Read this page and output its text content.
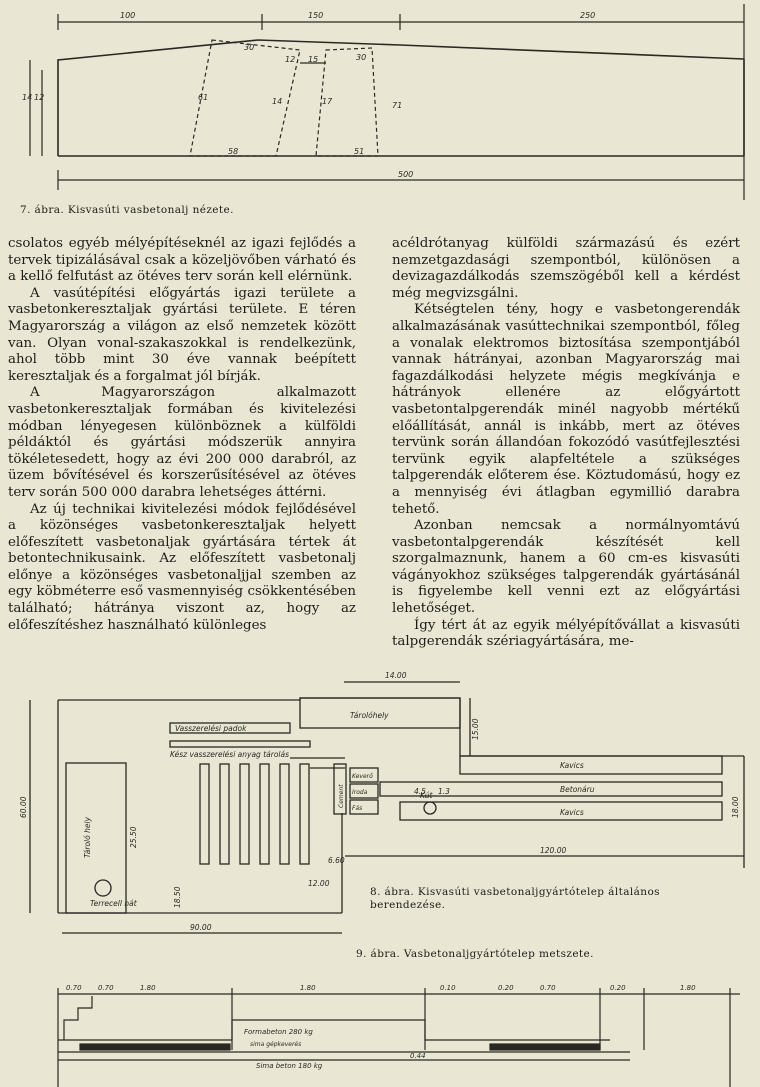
100	150	250
500
14 12
30
30
58	51
12 15
61
71
14	17
7. ábra. Kisvasúti vasbetonalj nézete.

csolatos egyéb mélyépítéseknél az igazi fejlődés a tervek tipizálásával csak a közeljövőben várható és a kellő felfutást az ötéves terv során kell elérnünk.

A vasútépítési előgyártás igazi területe a vasbetonkeresztaljak gyártási területe. E téren Magyarország a világon az első nemzetek között van. Olyan vonal-szakaszokkal is rendelkezünk, ahol több mint 30 éve vannak beépített keresztaljak és a forgalmat jól bírják.

A Magyarországon alkalmazott vasbetonkeresztaljak formában és kivitelezési módban lényegesen különböznek a külföldi példáktól és gyártási módszerük annyira tökéletesedett, hogy az évi 200 000 darabról, az üzem bővítésével és korszerűsítésével az ötéves terv során 500 000 darabra lehetséges áttérni.

Az új technikai kivitelezési módok fejlődésével a közönséges vasbetonkeresztaljak helyett előfeszített vasbetonaljak gyártására tértek át betontechnikusaink. Az előfeszített vasbetonalj előnye a közönséges vasbetonaljjal szemben az egy köbméterre eső vasmennyiség csökkentésében található; hátránya viszont az, hogy az előfeszítéshez használható különleges

acéldrótanyag külföldi származású és ezért nemzetgazdasági szempontból, különösen a devizagazdálkodás szemszögéből kell a kérdést még megvizsgálni.

Kétségtelen tény, hogy e vasbetongerendák alkalmazásának vasúttechnikai szempontból, főleg a vonalak elektromos biztosítása szempontjából vannak hátrányai, azonban Magyarország mai fagazdálkodási helyzete mégis megkívánja e hátrányok ellenére az előgyártott vasbetontalpgerendák minél nagyobb mértékű előállítását, annál is inkább, mert az ötéves tervünk során állandóan fokozódó vasútfejlesztési tervünk egyik alapfeltétele a szükséges talpgerendák előterem ése. Köztudomású, hogy ez a mennyiség évi átlagban egymillió darabra tehető.

Azonban nemcsak a normálnyomtávú vasbetontalpgerendák készítését kell szorgalmaznunk, hanem a 60 cm-es kisvasúti vágányokhoz szükséges talpgerendák gyártásánál is figyelembe kell venni ezt az előgyártási lehetőséget.

Így tért át az egyik mélyépítővállat a kisvasúti talpgerendák szériagyártására, me-

Tárolóhely
Vasszerelési padok
Kész vasszerelési anyag tárolás
Tároló hely
Keverő
Iroda
Fás
Cement
Kavics
Betonáru
Kavics
Kút
Terrecell hát
14.00
90.00
120.00
60.00
25.50
18.50
12.00
6.60
15.00
4.5 1.3
18.00
8. ábra. Kisvasúti vasbetonaljgyártótelep általános berendezése.
9. ábra. Vasbetonaljgyártótelep metszete.
0.70 0.70	1.80	1.80	0.10	0.20	0.70	0.20	1.80
0.44
Formabeton 280 kg
sima gépkeverés
Sima beton 180 kg
